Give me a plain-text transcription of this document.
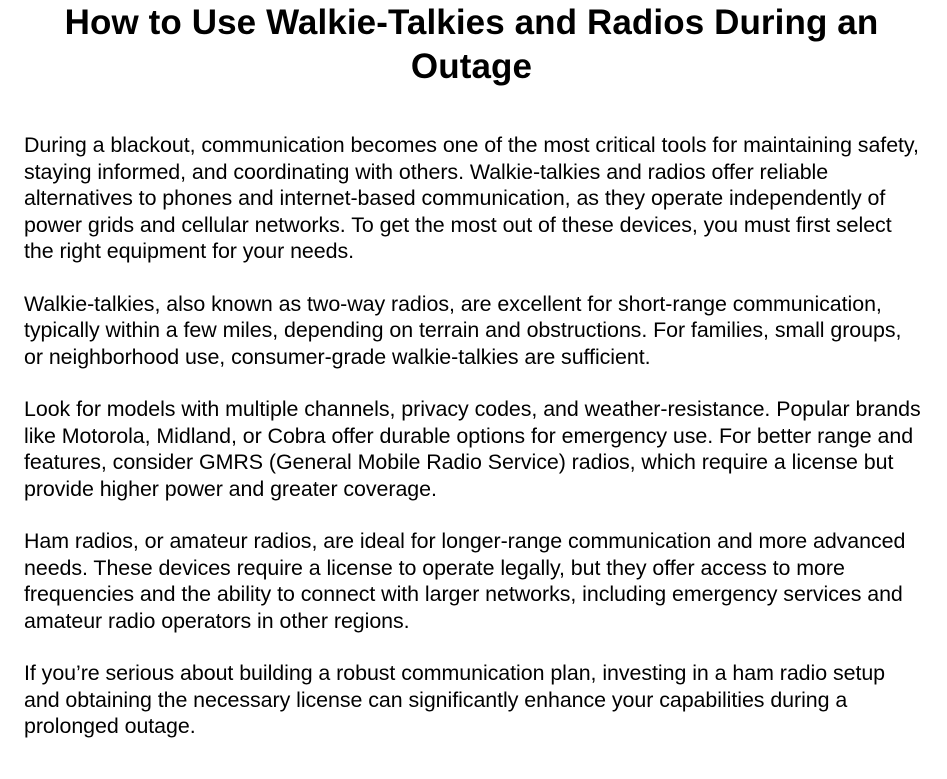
How to Use Walkie-Talkies and Radios During an Outage

During a blackout, communication becomes one of the most critical tools for maintaining safety, staying informed, and coordinating with others. Walkie-talkies and radios offer reliable alternatives to phones and internet-based communication, as they operate independently of power grids and cellular networks. To get the most out of these devices, you must first select the right equipment for your needs.

Walkie-talkies, also known as two-way radios, are excellent for short-range communication, typically within a few miles, depending on terrain and obstructions. For families, small groups, or neighborhood use, consumer-grade walkie-talkies are sufficient.

Look for models with multiple channels, privacy codes, and weather-resistance. Popular brands like Motorola, Midland, or Cobra offer durable options for emergency use. For better range and features, consider GMRS (General Mobile Radio Service) radios, which require a license but provide higher power and greater coverage.

Ham radios, or amateur radios, are ideal for longer-range communication and more advanced needs. These devices require a license to operate legally, but they offer access to more frequencies and the ability to connect with larger networks, including emergency services and amateur radio operators in other regions.

If you’re serious about building a robust communication plan, investing in a ham radio setup and obtaining the necessary license can significantly enhance your capabilities during a prolonged outage.
